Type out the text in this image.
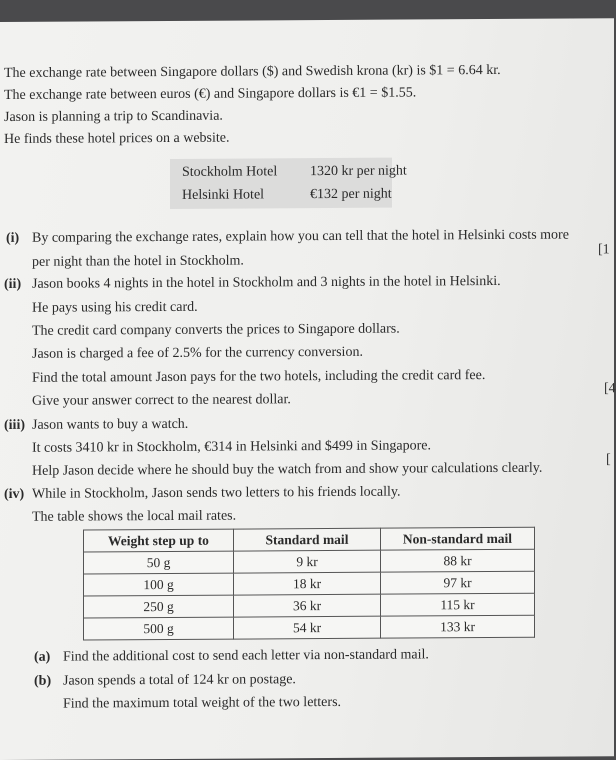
The exchange rate between Singapore dollars ($) and Swedish krona (kr) is $1 = 6.64 kr.
The exchange rate between euros (€) and Singapore dollars is €1 = $1.55.
Jason is planning a trip to Scandinavia.
He finds these hotel prices on a website.
Stockholm Hotel 1320 kr per night
Helsinki Hotel	€132 per night
(i) By comparing the exchange rates, explain how you can tell that the hotel in Helsinki costs more
per night than the hotel in Stockholm.
[1
(ii) Jason books 4 nights in the hotel in Stockholm and 3 nights in the hotel in Helsinki.
He pays using his credit card.
The credit card company converts the prices to Singapore dollars.
Jason is charged a fee of 2.5% for the currency conversion.
Find the total amount Jason pays for the two hotels, including the credit card fee.
Give your answer correct to the nearest dollar.
[4
(iii) Jason wants to buy a watch.
It costs 3410 kr in Stockholm, €314 in Helsinki and $499 in Singapore.
Help Jason decide where he should buy the watch from and show your calculations clearly.
[
(iv) While in Stockholm, Jason sends two letters to his friends locally.
The table shows the local mail rates.
Weight step up to	Standard mail	Non-standard mail
50 g	9 kr	88 kr
100 g	18 kr	97 kr
250 g	36 kr	115 kr
500 g	54 kr	133 kr
(a) Find the additional cost to send each letter via non-standard mail.
(b) Jason spends a total of 124 kr on postage.
Find the maximum total weight of the two letters.
